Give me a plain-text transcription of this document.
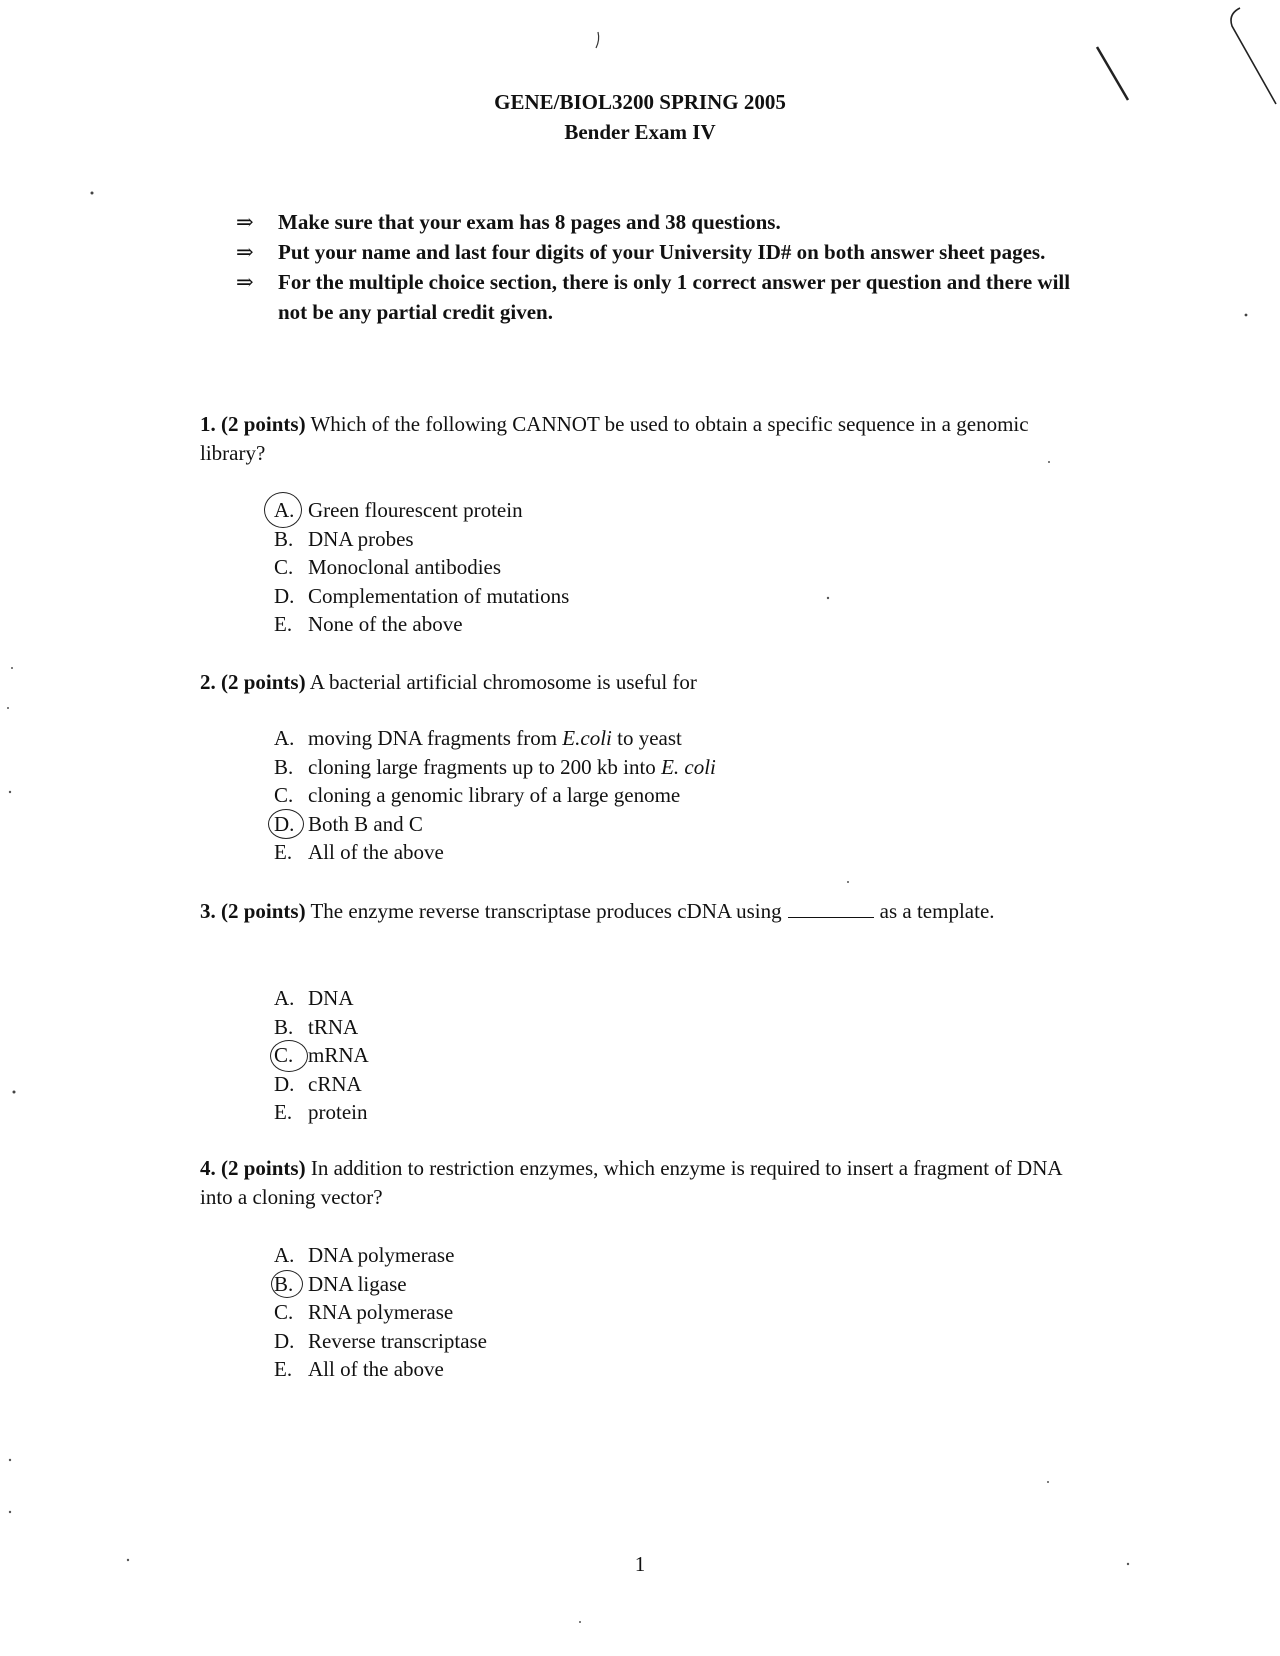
GENE/BIOL3200 SPRING 2005
Bender Exam IV
⇒ Make sure that your exam has 8 pages and 38 questions.
⇒ Put your name and last four digits of your University ID# on both answer sheet pages.
⇒ For the multiple choice section, there is only 1 correct answer per question and there will not be any partial credit given.
1. (2 points) Which of the following CANNOT be used to obtain a specific sequence in a genomic library?
A. Green flourescent protein
B. DNA probes
C. Monoclonal antibodies
D. Complementation of mutations
E. None of the above
2. (2 points) A bacterial artificial chromosome is useful for
A. moving DNA fragments from E.coli to yeast
B. cloning large fragments up to 200 kb into E. coli
C. cloning a genomic library of a large genome
D. Both B and C
E. All of the above
3. (2 points) The enzyme reverse transcriptase produces cDNA using	as a template.
A. DNA
B. tRNA
C. mRNA
D. cRNA
E. protein
4. (2 points) In addition to restriction enzymes, which enzyme is required to insert a fragment of DNA into a cloning vector?
A. DNA polymerase
B. DNA ligase
C. RNA polymerase
D. Reverse transcriptase
E. All of the above
1
